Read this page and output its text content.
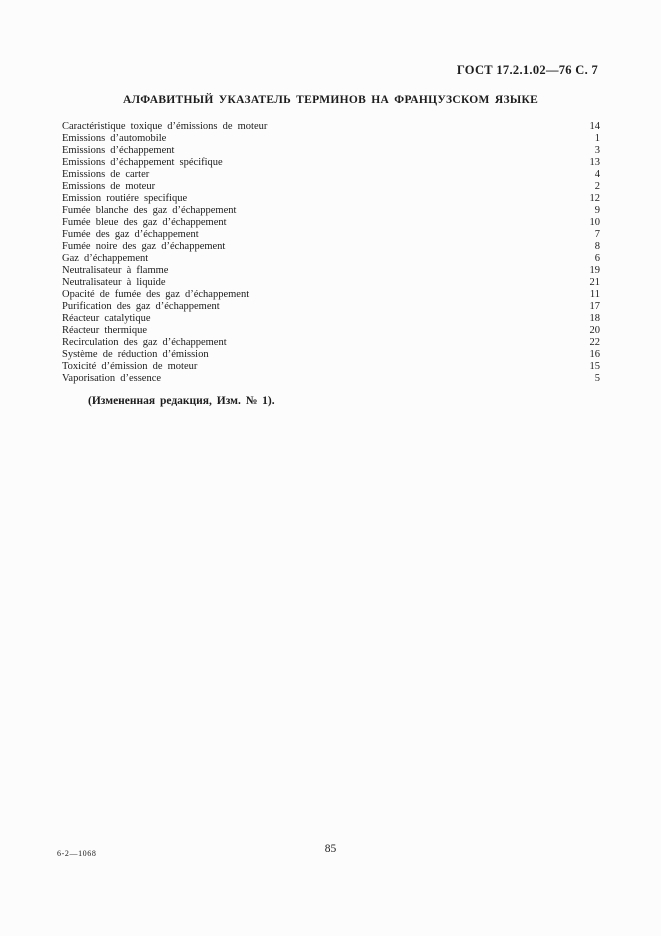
ГОСТ 17.2.1.02—76 С. 7
АЛФАВИТНЫЙ УКАЗАТЕЛЬ ТЕРМИНОВ НА ФРАНЦУЗСКОМ ЯЗЫКЕ
Caractéristique toxique d’émissions de moteur	14
Emissions d’automobile	1
Emissions d’échappement	3
Emissions d’échappement spécifique	13
Emissions de carter	4
Emissions de moteur	2
Emission routiére specifique	12
Fumée blanche des gaz d’échappement	9
Fumée bleue des gaz d’échappement	10
Fumée des gaz d’échappement	7
Fumée noire des gaz d’échappement	8
Gaz d’échappement	6
Neutralisateur à flamme	19
Neutralisateur à liquide	21
Opacité de fumée des gaz d’échappement	11
Purification des gaz d’échappement	17
Réacteur catalytique	18
Réacteur thermique	20
Recirculation des gaz d’échappement	22
Système de réduction d’émission	16
Toxicité d’émission de moteur	15
Vaporisation d’essence	5
(Измененная редакция, Изм. № 1).
6-2—1068	85
